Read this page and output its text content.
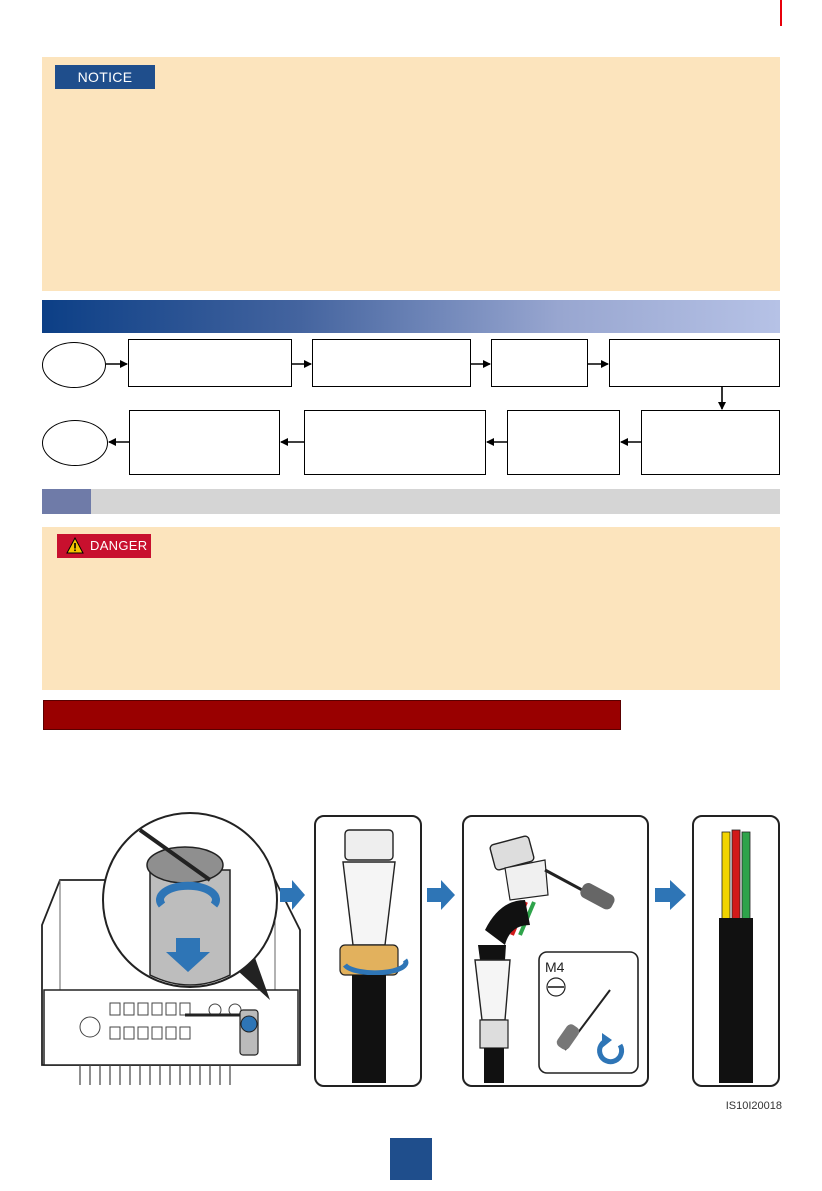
NOTICE
DANGER
M4
IS10I20018
